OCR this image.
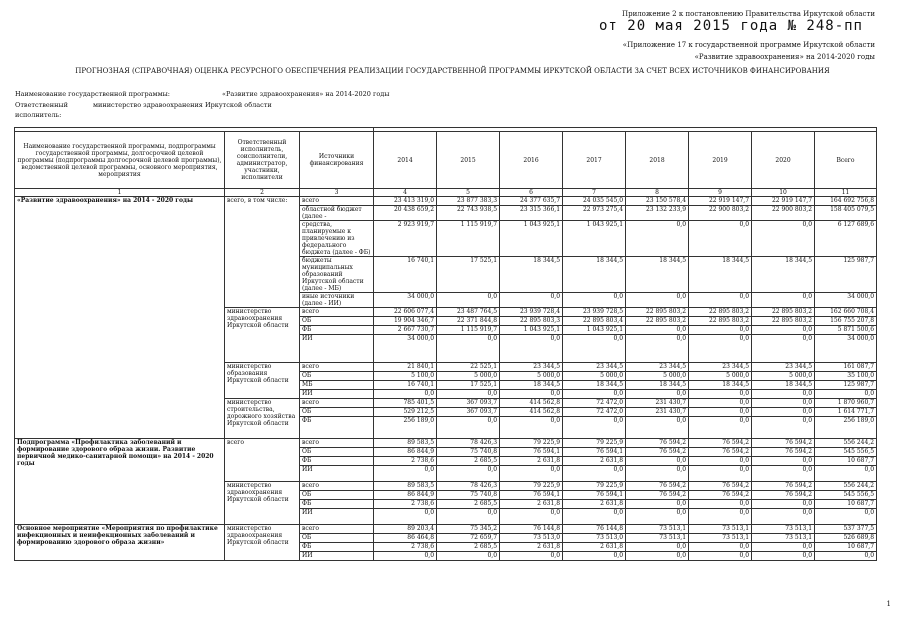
Приложение 2 к постановлению Правительства Иркутской области
от 20 мая 2015 года № 248-пп
«Приложение 17 к государственной программе Иркутской области
«Развитие здравоохранения» на 2014-2020 годы
ПРОГНОЗНАЯ (СПРАВОЧНАЯ) ОЦЕНКА РЕСУРСНОГО ОБЕСПЕЧЕНИЯ РЕАЛИЗАЦИИ ГОСУДАРСТВЕННОЙ ПРОГРАММЫ ИРКУТСКОЙ ОБЛАСТИ ЗА СЧЕТ ВСЕХ ИСТОЧНИКОВ ФИНАНСИРОВАНИЯ
Наименование государственной программы:	«Развитие здравоохранения» на 2014-2020 годы
Ответственный	министерство здравоохранения Иркутской области
исполнитель:

Наименование государственной программы, подпрограммы государственной программы, долгосрочной целевой программы (подпрограммы долгосрочной целевой программы), ведомственной целевой программы, основного мероприятия, мероприятия	Ответственный исполнитель, соисполнители, администратор, участники, исполнители	Источники финансирования	2014	2015	2016	2017	2018	2019	2020	Всего
1	2	3	4	5	6	7	8	9	10	11
«Развитие здравоохранения» на 2014 - 2020 годы	всего, в том числе:	всего	23 413 319,0	23 877 383,3	24 377 635,7	24 035 545,0	23 150 578,4	22 919 147,7	22 919 147,7	164 692 756,8
		областной бюджет (далее -	20 438 659,2	22 743 938,5	23 315 366,1	22 973 275,4	23 132 233,9	22 900 803,2	22 900 803,2	158 405 079,5
		средства, планируемые к привлечению из федерального бюджета (далее - ФБ)	2 923 919,7	1 115 919,7	1 043 925,1	1 043 925,1	0,0	0,0	0,0	6 127 689,6
		бюджеты муниципальных образований Иркутской области (далее - МБ)	16 740,1	17 525,1	18 344,5	18 344,5	18 344,5	18 344,5	18 344,5	125 987,7
		иные источники (далее - ИИ)	34 000,0	0,0	0,0	0,0	0,0	0,0	0,0	34 000,0
	министерство здравоохранения Иркутской области	всего	22 606 077,4	23 487 764,5	23 939 728,4	23 939 728,5	22 895 803,2	22 895 803,2	22 895 803,2	162 660 708,4
		ОБ	19 904 346,7	22 371 844,8	22 895 803,3	22 895 803,4	22 895 803,2	22 895 803,2	22 895 803,2	156 755 207,8
		ФБ	2 667 730,7	1 115 919,7	1 043 925,1	1 043 925,1	0,0	0,0	0,0	5 871 500,6
		ИИ	34 000,0	0,0	0,0	0,0	0,0	0,0	0,0	34 000,0
	министерство образования Иркутской области	всего	21 840,1	22 525,1	23 344,5	23 344,5	23 344,5	23 344,5	23 344,5	161 087,7
		ОБ	5 100,0	5 000,0	5 000,0	5 000,0	5 000,0	5 000,0	5 000,0	35 100,0
		МБ	16 740,1	17 525,1	18 344,5	18 344,5	18 344,5	18 344,5	18 344,5	125 987,7
		ИИ	0,0	0,0	0,0	0,0	0,0	0,0	0,0	0,0
	министерство строительства, дорожного хозяйства Иркутской области	всего	785 401,5	367 093,7	414 562,8	72 472,0	231 430,7	0,0	0,0	1 870 960,7
		ОБ	529 212,5	367 093,7	414 562,8	72 472,0	231 430,7	0,0	0,0	1 614 771,7
		ФБ	256 189,0	0,0	0,0	0,0	0,0	0,0	0,0	256 189,0
Подпрограмма «Профилактика заболеваний и формирование здорового образа жизни. Развитие первичной медико-санитарной помощи» на 2014 - 2020 годы	всего	всего	89 583,5	78 426,3	79 225,9	79 225,9	76 594,2	76 594,2	76 594,2	556 244,2
		ОБ	86 844,9	75 740,8	76 594,1	76 594,1	76 594,2	76 594,2	76 594,2	545 556,5
		ФБ	2 738,6	2 685,5	2 631,8	2 631,8	0,0	0,0	0,0	10 687,7
		ИИ	0,0	0,0	0,0	0,0	0,0	0,0	0,0	0,0
	министерство здравоохранения Иркутской области	всего	89 583,5	78 426,3	79 225,9	79 225,9	76 594,2	76 594,2	76 594,2	556 244,2
		ОБ	86 844,9	75 740,8	76 594,1	76 594,1	76 594,2	76 594,2	76 594,2	545 556,5
		ФБ	2 738,6	2 685,5	2 631,8	2 631,8	0,0	0,0	0,0	10 687,7
		ИИ	0,0	0,0	0,0	0,0	0,0	0,0	0,0	0,0
Основное мероприятие «Мероприятия по профилактике инфекционных и неинфекционных заболеваний и формированию здорового образа жизни»	министерство здравоохранения Иркутской области	всего	89 203,4	75 345,2	76 144,8	76 144,8	73 513,1	73 513,1	73 513,1	537 377,5
		ОБ	86 464,8	72 659,7	73 513,0	73 513,0	73 513,1	73 513,1	73 513,1	526 689,8
		ФБ	2 738,6	2 685,5	2 631,8	2 631,8	0,0	0,0	0,0	10 687,7
		ИИ	0,0	0,0	0,0	0,0	0,0	0,0	0,0	0,0
1
